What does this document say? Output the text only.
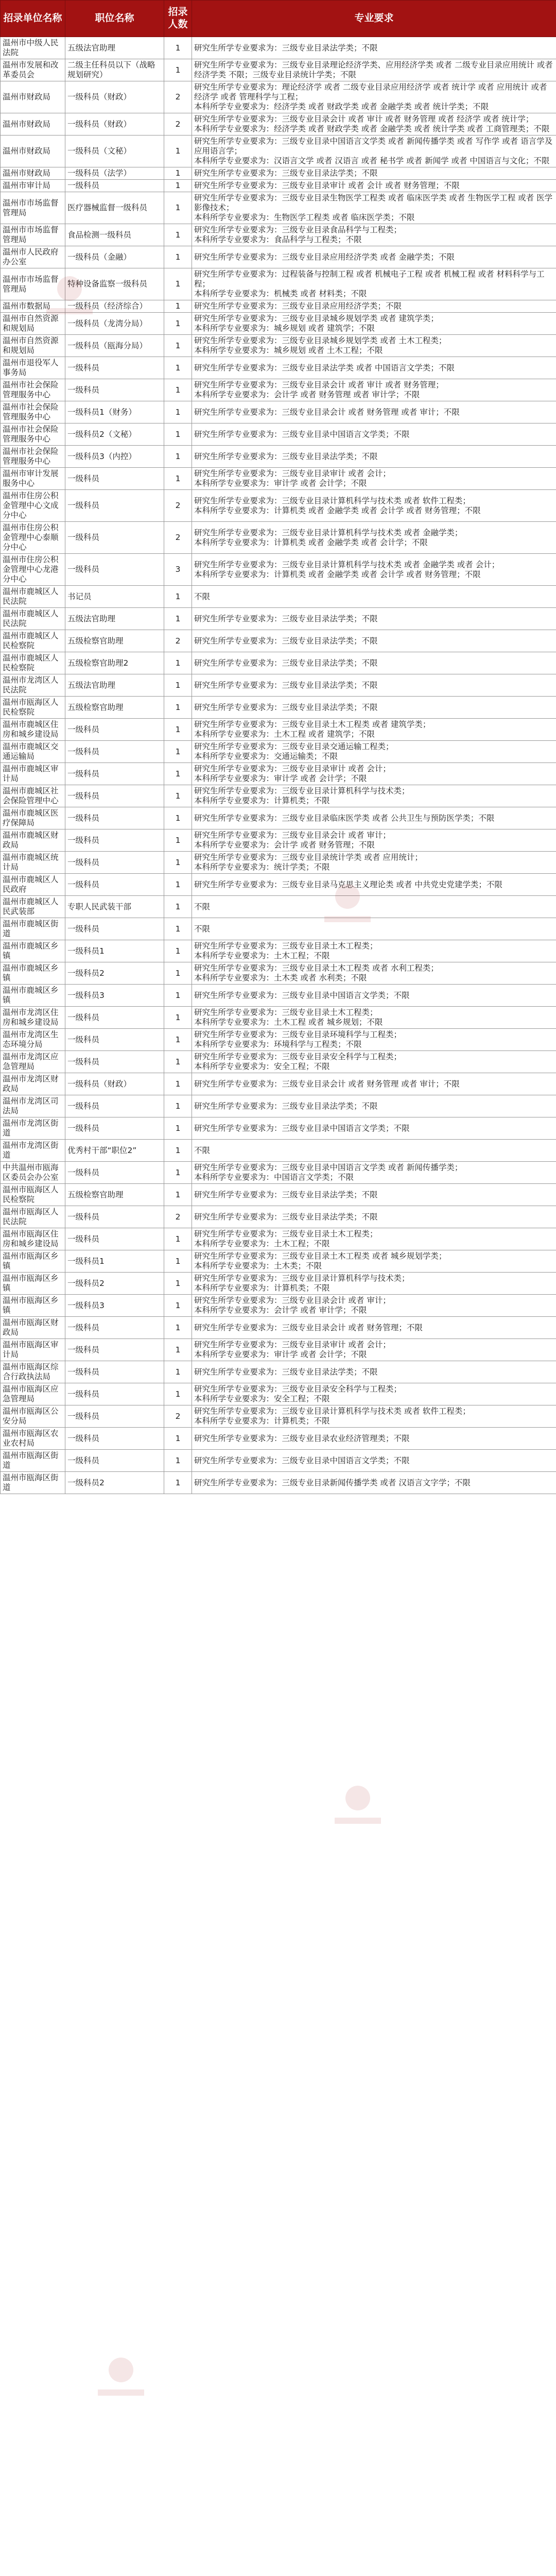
招录单位名称	职位名称	招录人数	专业要求
温州市中级人民法院	五级法官助理	1	研究生所学专业要求为：三级专业目录法学类；不限

温州市发展和改革委员会	二级主任科员以下（战略规划研究）	1	研究生所学专业要求为：三级专业目录理论经济学类、应用经济学类 或者 二级专业目录应用统计 或者 经济学类 不限；三级专业目录统计学类；不限

温州市财政局	一级科员（财政）	2	研究生所学专业要求为：理论经济学 或者 二级专业目录应用经济学 或者 统计学 或者 应用统计 或者 经济学 或者 管理科学与工程；
本科所学专业要求为：经济学类 或者 财政学类 或者 金融学类 或者 统计学类；不限

温州市财政局	一级科员（财政）	2	研究生所学专业要求为：三级专业目录会计 或者 审计 或者 财务管理 或者 经济学 或者 统计学；
本科所学专业要求为：经济学类 或者 财政学类 或者 金融学类 或者 统计学类 或者 工商管理类；不限

温州市财政局	一级科员（文秘）	1	研究生所学专业要求为：三级专业目录中国语言文学类 或者 新闻传播学类 或者 写作学 或者 语言学及应用语言学；
本科所学专业要求为：汉语言文学 或者 汉语言 或者 秘书学 或者 新闻学 或者 中国语言与文化；不限

温州市财政局	一级科员（法学）	1	研究生所学专业要求为：三级专业目录法学类；不限

温州市审计局	一级科员	1	研究生所学专业要求为：三级专业目录审计 或者 会计 或者 财务管理；不限

温州市市场监督管理局	医疗器械监督一级科员	1	研究生所学专业要求为：三级专业目录生物医学工程类 或者 临床医学类 或者 生物医学工程 或者 医学影像技术；
本科所学专业要求为：生物医学工程类 或者 临床医学类；不限

温州市市场监督管理局	食品检测一级科员	1	研究生所学专业要求为：三级专业目录食品科学与工程类；
本科所学专业要求为：食品科学与工程类；不限

温州市人民政府办公室	一级科员（金融）	1	研究生所学专业要求为：三级专业目录应用经济学类 或者 金融学类；不限

温州市市场监督管理局	特种设备监察一级科员	1	研究生所学专业要求为：过程装备与控制工程 或者 机械电子工程 或者 机械工程 或者 材料科学与工程；
本科所学专业要求为：机械类 或者 材料类；不限

温州市数据局	一级科员（经济综合）	1	研究生所学专业要求为：三级专业目录应用经济学类；不限

温州市自然资源和规划局	一级科员（龙湾分局）	1	研究生所学专业要求为：三级专业目录城乡规划学类 或者 建筑学类；
本科所学专业要求为：城乡规划 或者 建筑学；不限

温州市自然资源和规划局	一级科员（瓯海分局）	1	研究生所学专业要求为：三级专业目录城乡规划学类 或者 土木工程类；
本科所学专业要求为：城乡规划 或者 土木工程；不限

温州市退役军人事务局	一级科员	1	研究生所学专业要求为：三级专业目录法学类 或者 中国语言文学类；不限

温州市社会保险管理服务中心	一级科员	1	研究生所学专业要求为：三级专业目录会计 或者 审计 或者 财务管理；
本科所学专业要求为：会计学 或者 财务管理 或者 审计学；不限

温州市社会保险管理服务中心	一级科员1（财务）	1	研究生所学专业要求为：三级专业目录会计 或者 财务管理 或者 审计；不限

温州市社会保险管理服务中心	一级科员2（文秘）	1	研究生所学专业要求为：三级专业目录中国语言文学类；不限

温州市社会保险管理服务中心	一级科员3（内控）	1	研究生所学专业要求为：三级专业目录法学类；不限

温州市审计发展服务中心	一级科员	1	研究生所学专业要求为：三级专业目录审计 或者 会计；
本科所学专业要求为：审计学 或者 会计学；不限

温州市住房公积金管理中心文成分中心	一级科员	2	研究生所学专业要求为：三级专业目录计算机科学与技术类 或者 软件工程类；
本科所学专业要求为：计算机类 或者 金融学类 或者 会计学 或者 财务管理；不限

温州市住房公积金管理中心泰顺分中心	一级科员	2	研究生所学专业要求为：三级专业目录计算机科学与技术类 或者 金融学类；
本科所学专业要求为：计算机类 或者 金融学类 或者 会计学；不限

温州市住房公积金管理中心龙港分中心	一级科员	3	研究生所学专业要求为：三级专业目录计算机科学与技术类 或者 金融学类 或者 会计；
本科所学专业要求为：计算机类 或者 金融学类 或者 会计学 或者 财务管理；不限

温州市鹿城区人民法院	书记员	1	不限

温州市鹿城区人民法院	五级法官助理	1	研究生所学专业要求为：三级专业目录法学类；不限

温州市鹿城区人民检察院	五级检察官助理	2	研究生所学专业要求为：三级专业目录法学类；不限

温州市鹿城区人民检察院	五级检察官助理2	1	研究生所学专业要求为：三级专业目录法学类；不限

温州市龙湾区人民法院	五级法官助理	1	研究生所学专业要求为：三级专业目录法学类；不限

温州市瓯海区人民检察院	五级检察官助理	1	研究生所学专业要求为：三级专业目录法学类；不限

温州市鹿城区住房和城乡建设局	一级科员	1	研究生所学专业要求为：三级专业目录土木工程类 或者 建筑学类；
本科所学专业要求为：土木工程 或者 建筑学；不限

温州市鹿城区交通运输局	一级科员	1	研究生所学专业要求为：三级专业目录交通运输工程类；
本科所学专业要求为：交通运输类；不限

温州市鹿城区审计局	一级科员	1	研究生所学专业要求为：三级专业目录审计 或者 会计；
本科所学专业要求为：审计学 或者 会计学；不限

温州市鹿城区社会保险管理中心	一级科员	1	研究生所学专业要求为：三级专业目录计算机科学与技术类；
本科所学专业要求为：计算机类；不限

温州市鹿城区医疗保障局	一级科员	1	研究生所学专业要求为：三级专业目录临床医学类 或者 公共卫生与预防医学类；不限

温州市鹿城区财政局	一级科员	1	研究生所学专业要求为：三级专业目录会计 或者 审计；
本科所学专业要求为：会计学 或者 财务管理；不限

温州市鹿城区统计局	一级科员	1	研究生所学专业要求为：三级专业目录统计学类 或者 应用统计；
本科所学专业要求为：统计学类；不限

温州市鹿城区人民政府	一级科员	1	研究生所学专业要求为：三级专业目录马克思主义理论类 或者 中共党史党建学类；不限

温州市鹿城区人民武装部	专职人民武装干部	1	不限

温州市鹿城区街道	一级科员	1	不限

温州市鹿城区乡镇	一级科员1	1	研究生所学专业要求为：三级专业目录土木工程类；
本科所学专业要求为：土木工程；不限

温州市鹿城区乡镇	一级科员2	1	研究生所学专业要求为：三级专业目录土木工程类 或者 水利工程类；
本科所学专业要求为：土木类 或者 水利类；不限

温州市鹿城区乡镇	一级科员3	1	研究生所学专业要求为：三级专业目录中国语言文学类；不限

温州市龙湾区住房和城乡建设局	一级科员	1	研究生所学专业要求为：三级专业目录土木工程类；
本科所学专业要求为：土木工程 或者 城乡规划；不限

温州市龙湾区生态环境分局	一级科员	1	研究生所学专业要求为：三级专业目录环境科学与工程类；
本科所学专业要求为：环境科学与工程类；不限

温州市龙湾区应急管理局	一级科员	1	研究生所学专业要求为：三级专业目录安全科学与工程类；
本科所学专业要求为：安全工程；不限

温州市龙湾区财政局	一级科员（财政）	1	研究生所学专业要求为：三级专业目录会计 或者 财务管理 或者 审计；不限

温州市龙湾区司法局	一级科员	1	研究生所学专业要求为：三级专业目录法学类；不限

温州市龙湾区街道	一级科员	1	研究生所学专业要求为：三级专业目录中国语言文学类；不限

温州市龙湾区街道	优秀村干部“职位2”	1	不限

中共温州市瓯海区委员会办公室	一级科员	1	研究生所学专业要求为：三级专业目录中国语言文学类 或者 新闻传播学类；
本科所学专业要求为：中国语言文学类；不限

温州市瓯海区人民检察院	五级检察官助理	1	研究生所学专业要求为：三级专业目录法学类；不限

温州市瓯海区人民法院	一级科员	2	研究生所学专业要求为：三级专业目录法学类；不限

温州市瓯海区住房和城乡建设局	一级科员	1	研究生所学专业要求为：三级专业目录土木工程类；
本科所学专业要求为：土木工程；不限

温州市瓯海区乡镇	一级科员1	1	研究生所学专业要求为：三级专业目录土木工程类 或者 城乡规划学类；
本科所学专业要求为：土木类；不限

温州市瓯海区乡镇	一级科员2	1	研究生所学专业要求为：三级专业目录计算机科学与技术类；
本科所学专业要求为：计算机类；不限

温州市瓯海区乡镇	一级科员3	1	研究生所学专业要求为：三级专业目录会计 或者 审计；
本科所学专业要求为：会计学 或者 审计学；不限

温州市瓯海区财政局	一级科员	1	研究生所学专业要求为：三级专业目录会计 或者 财务管理；不限

温州市瓯海区审计局	一级科员	1	研究生所学专业要求为：三级专业目录审计 或者 会计；
本科所学专业要求为：审计学 或者 会计学；不限

温州市瓯海区综合行政执法局	一级科员	1	研究生所学专业要求为：三级专业目录法学类；不限

温州市瓯海区应急管理局	一级科员	1	研究生所学专业要求为：三级专业目录安全科学与工程类；
本科所学专业要求为：安全工程；不限

温州市瓯海区公安分局	一级科员	2	研究生所学专业要求为：三级专业目录计算机科学与技术类 或者 软件工程类；
本科所学专业要求为：计算机类；不限

温州市瓯海区农业农村局	一级科员	1	研究生所学专业要求为：三级专业目录农业经济管理类；不限

温州市瓯海区街道	一级科员	1	研究生所学专业要求为：三级专业目录中国语言文学类；不限

温州市瓯海区街道	一级科员2	1	研究生所学专业要求为：三级专业目录新闻传播学类 或者 汉语言文字学；不限
